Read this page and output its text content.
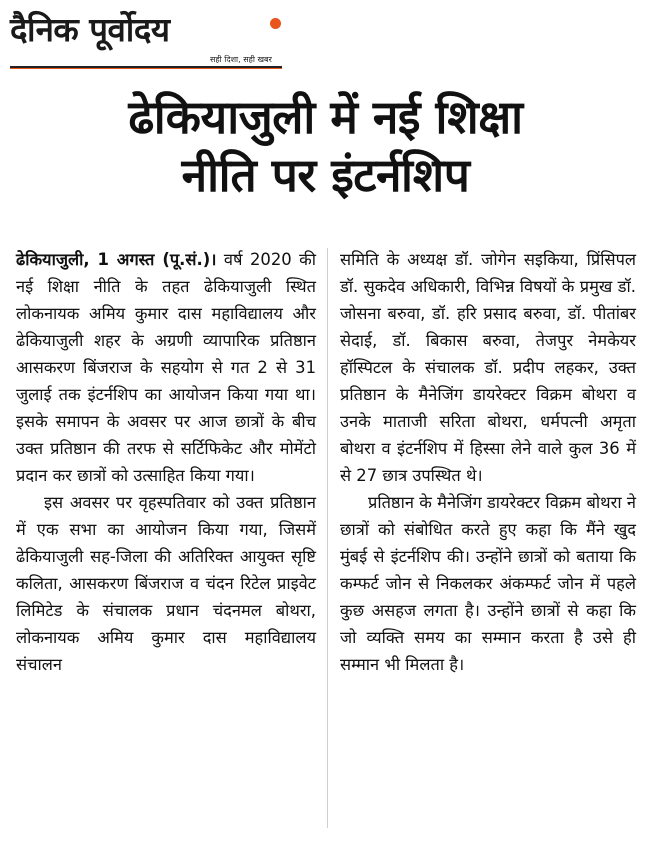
दैनिक पूर्वोदय
सही दिशा, सही खबर
ढेकियाजुली में नई शिक्षा
नीति पर इंटर्नशिप

ढेकियाजुली, 1 अगस्त (पू.सं.)। वर्ष 2020 की नई शिक्षा नीति के तहत ढेकियाजुली स्थित लोकनायक अमिय कुमार दास महाविद्यालय और ढेकियाजुली शहर के अग्रणी व्यापारिक प्रतिष्ठान आसकरण बिंजराज के सहयोग से गत 2 से 31 जुलाई तक इंटर्नशिप का आयोजन किया गया था। इसके समापन के अवसर पर आज छात्रों के बीच उक्त प्रतिष्ठान की तरफ से सर्टिफिकेट और मोमेंटो प्रदान कर छात्रों को उत्साहित किया गया।

इस अवसर पर वृहस्पतिवार को उक्त प्रतिष्ठान में एक सभा का आयोजन किया गया, जिसमें ढेकियाजुली सह-जिला की अतिरिक्त आयुक्त सृष्टि कलिता, आसकरण बिंजराज व चंदन रिटेल प्राइवेट लिमिटेड के संचालक प्रधान चंदनमल बोथरा, लोकनायक अमिय कुमार दास महाविद्यालय संचालन

समिति के अध्यक्ष डॉ. जोगेन सइकिया, प्रिंसिपल डॉ. सुकदेव अधिकारी, विभिन्न विषयों के प्रमुख डॉ. जोसना बरुवा, डॉ. हरि प्रसाद बरुवा, डॉ. पीतांबर सेदाई, डॉ. बिकास बरुवा, तेजपुर नेमकेयर हॉस्पिटल के संचालक डॉ. प्रदीप लहकर, उक्त प्रतिष्ठान के मैनेजिंग डायरेक्टर विक्रम बोथरा व उनके माताजी सरिता बोथरा, धर्मपत्नी अमृता बोथरा व इंटर्नशिप में हिस्सा लेने वाले कुल 36 में से 27 छात्र उपस्थित थे।

प्रतिष्ठान के मैनेजिंग डायरेक्टर विक्रम बोथरा ने छात्रों को संबोधित करते हुए कहा कि मैंने खुद मुंबई से इंटर्नशिप की। उन्होंने छात्रों को बताया कि कम्फर्ट जोन से निकलकर अंकम्फर्ट जोन में पहले कुछ असहज लगता है। उन्होंने छात्रों से कहा कि जो व्यक्ति समय का सम्मान करता है उसे ही सम्मान भी मिलता है।
